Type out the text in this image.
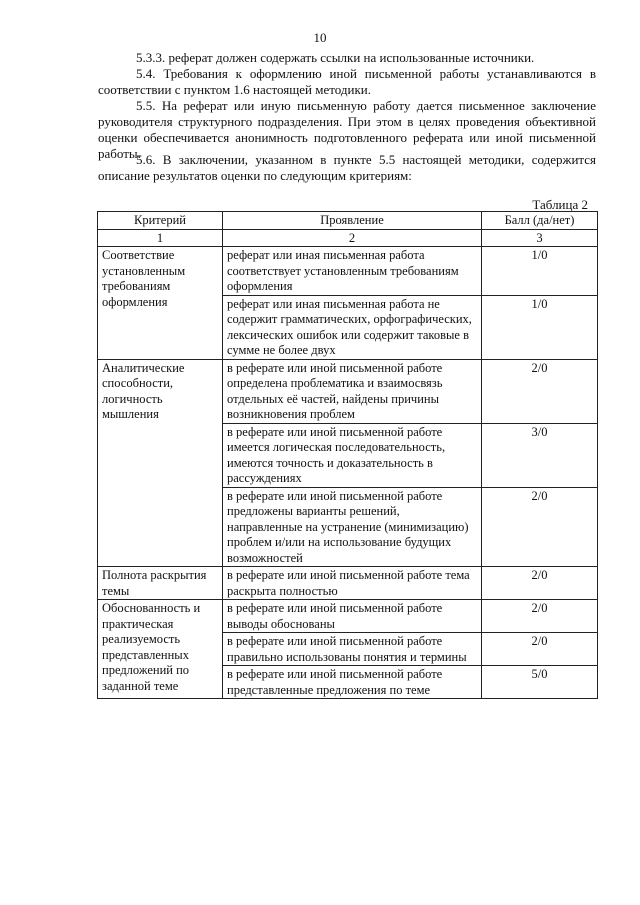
10
5.3.3. реферат должен содержать ссылки на использованные источники.
5.4. Требования к оформлению иной письменной работы устанавливаются в соответствии с пунктом 1.6 настоящей методики.
5.5. На реферат или иную письменную работу дается письменное заключение руководителя структурного подразделения. При этом в целях проведения объективной оценки обеспечивается анонимность подготовленного реферата или иной письменной работы.
5.6. В заключении, указанном в пункте 5.5 настоящей методики, содержится описание результатов оценки по следующим критериям:
Таблица 2
Критерий	Проявление	Балл (да/нет)
1	2	3
Соответствие установленным требованиям оформления	реферат или иная письменная работа соответствует установленным требованиям оформления	1/0
	реферат или иная письменная работа не содержит грамматических, орфографических, лексических ошибок или содержит таковые в сумме не более двух	1/0
Аналитические способности, логичность мышления	в реферате или иной письменной работе определена проблематика и взаимосвязь отдельных её частей, найдены причины возникновения проблем	2/0
	в реферате или иной письменной работе имеется логическая последовательность, имеются точность и доказательность в рассуждениях	3/0
	в реферате или иной письменной работе предложены варианты решений, направленные на устранение (минимизацию) проблем и/или на использование будущих возможностей	2/0
Полнота раскрытия темы	в реферате или иной письменной работе тема раскрыта полностью	2/0
Обоснованность и практическая реализуемость представленных предложений по заданной теме	в реферате или иной письменной работе выводы обоснованы	2/0
	в реферате или иной письменной работе правильно использованы понятия и термины	2/0
	в реферате или иной письменной работе представленные предложения по теме	5/0
